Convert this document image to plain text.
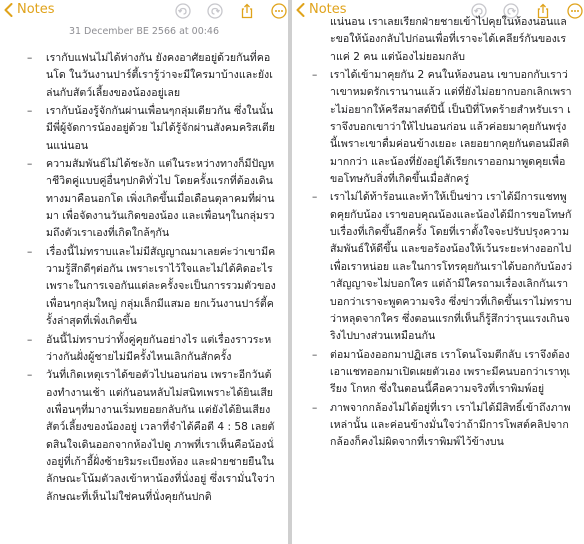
Notes
31 December BE 2566 at 00:46
– เรากับแฟนไม่ได้ห่างกัน ยังคงอาศัยอยู่ด้วยกันที่คอนโด ในวันงานปาร์ตี้เรารู้ว่าจะมีใครมาบ้างและยังเล่นกับสัตว์เลี้ยงของน้องอยู่เลย
– เรากับน้องรู้จักกันผ่านเพื่อนๆกลุ่มเดียวกัน ซึ่งในนั้นมีพี่ผู้จัดการน้องอยู่ด้วย ไม่ได้รู้จักผ่านสังคมคริสเตียนแน่นอน
– ความสัมพันธ์ไม่ได้ชะงัก แต่ในระหว่างทางก็มีปัญหาชีวิตคู่แบบคู่อื่นๆปกติทั่วไป โดยครั้งแรกที่ต้องเดินทางมาคือนอกโด เพิ่งเกิดขึ้นเมื่อเดือนตุลาคมที่ผ่านมา เพื่อจัดงานวันเกิดของน้อง และเพื่อนๆในกลุ่มรวมถึงตัวเราเองที่เกิดใกล้ๆกัน
– เรื่องนี้ไม่ทราบและไม่มีสัญญาณมาเลยค่ะว่าเขามีความรู้สึกดีๆต่อกัน เพราะเราไว้ใจและไม่ได้คิดอะไร เพราะในการเจอกันแต่ละครั้งจะเป็นการรวมตัวของเพื่อนๆกลุ่มใหญ่ กลุ่มเล็กมีแสมอ ยกเว้นงานปาร์ตี้ครั้งล่าสุดที่เพิ่งเกิดขึ้น
– อันนี้ไม่ทราบว่าทั้งคู่คุยกันอย่างไร แต่เรื่องราวระหว่างกันฝั่งผู้ชายไม่มีครั้งไหนเลิกกันสักครั้ง
– วันที่เกิดเหตุเราได้ขอตัวไปนอนก่อน เพราะอีกวันต้องทำงานเช้า แต่กันอนหลับไม่สนิทเพราะได้ยินเสียงเพื่อนๆที่มางานเริ่มทยอยกลับกัน แต่ยังได้ยินเสียงสัตว์เลี้ยงของน้องอยู่ เวลาที่จำได้คือตี 4 : 58 เลยตัดสินใจเดินออกจากห้องไปดู ภาพที่เราเห็นคือน้องนั่งอยู่ที่เก้าอี้ฝั่งซ้ายริมระเบียงห้อง และฝ่ายชายยืนในลักษณะโน้มตัวลงเข้าหาน้องที่นั่งอยู่ ซึ่งเรามั่นใจว่าลักษณะที่เห็นไม่ใช่คนที่นั่งคุยกันปกติ
Notes
แน่นอน เราเลยเรียกฝ่ายชายเข้าไปคุยในห้องนอนและขอให้น้องกลับไปก่อนเพื่อที่เราจะได้เคลียร์กันของเราแค่ 2 คน แต่น้องไม่ยอมกลับ
– เราได้เข้ามาคุยกัน 2 คนในห้องนอน เขาบอกกับเราว่าเขาหมดรักเรานานแล้ว แต่ที่ยังไม่อยากบอกเลิกเพราะไม่อยากให้ครีสมาสต์ปีนี้ เป็นปีที่โหดร้ายสำหรับเรา เราจึงบอกเขาว่าให้ไปนอนก่อน แล้วค่อยมาคุยกันพรุ่งนี้เพราะเขาดื่มค่อนข้างเยอะ เลยอยากคุยกันตอนมีสติมากกว่า และน้องที่ยังอยู่ได้เรียกเราออกมาพูดคุยเพื่อขอโทษกับสิ่งที่เกิดขึ้นเมื่อสักครู่
– เราไม่ได้ท้าร้อนและท้าให้เป็นข่าว เราได้มีการแชทพูดคุยกับน้อง เราขอบคุณน้องและน้องได้มีการขอโทษกับเรื่องที่เกิดขึ้นอีกครั้ง โดยที่เราตั้งใจจะปรับปรุงความสัมพันธ์ให้ดีขึ้น และขอร้องน้องให้เว้นระยะห่างออกไปเพื่อเราหน่อย และในการโทรคุยกันเราได้บอกกับน้องว่าสัญญาจะไม่บอกใคร แต่ถ้ามีใครถามเรื่องเลิกกันเราบอกว่าเราจะพูดความจริง ซึ่งข่าวที่เกิดขึ้นเราไม่ทราบว่าหลุดจากใคร ซึ่งตอนแรกที่เห็นก็รู้สึกว่ารุนแรงเกินจริงไปบางส่วนเหมือนกัน
– ต่อมาน้องออกมาปฏิเสธ เราโดนโจมตีกลับ เราจึงต้องเอาแชทออกมาเปิดเผยตัวเอง เพราะมีคนบอกว่าเราทุเรียง โกหก ซึ่งในตอนนี้คือความจริงที่เราพิมพ์อยู่
– ภาพจากกล้องไม่ได้อยู่ที่เรา เราไม่ได้มีสิทธิ์เข้าถึงภาพเหล่านั้น และค่อนข้างมั่นใจว่าถ้ามีการโพสต์คลิปจากกล้องก็คงไม่ผิดจากที่เราพิมพ์ไว้ข้างบน
